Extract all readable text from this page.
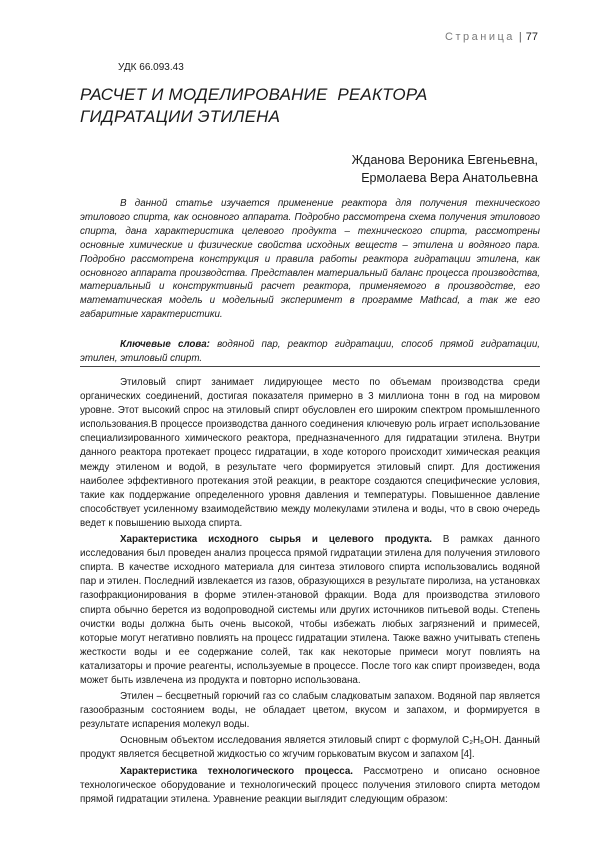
Страница | 77
УДК 66.093.43
РАСЧЕТ И МОДЕЛИРОВАНИЕ  РЕАКТОРА
ГИДРАТАЦИИ ЭТИЛЕНА
Жданова Вероника Евгеньевна,
Ермолаева Вера Анатольевна

В данной статье изучается применение реактора для получения технического этилового спирта, как основного аппарата. Подробно рассмотрена схема получения этилового спирта, дана характеристика целевого продукта – технического спирта, рассмотрены основные химические и физические свойства исходных веществ – этилена и водяного пара. Подробно рассмотрена конструкция и правила работы реактора гидратации этилена, как основного аппарата производства. Представлен материальный баланс процесса производства, материальный и конструктивный расчет реактора, применяемого в производстве, его математическая модель и модельный эксперимент в программе Mathcad, а так же его габаритные характеристики.

Ключевые слова: водяной пар, реактор гидратации, способ прямой гидратации, этилен, этиловый спирт.

Этиловый спирт занимает лидирующее место по объемам производства среди органических соединений, достигая показателя примерно в 3 миллиона тонн в год на мировом уровне. Этот высокий спрос на этиловый спирт обусловлен его широким спектром промышленного использования.В процессе производства данного соединения ключевую роль играет использование специализированного химического реактора, предназначенного для гидратации этилена. Внутри данного реактора протекает процесс гидратации, в ходе которого происходит химическая реакция между этиленом и водой, в результате чего формируется этиловый спирт. Для достижения наиболее эффективного протекания этой реакции, в реакторе создаются специфические условия, такие как поддержание определенного уровня давления и температуры. Повышенное давление способствует усиленному взаимодействию между молекулами этилена и воды, что в свою очередь ведет к повышению выхода спирта.

Характеристика исходного сырья и целевого продукта. В рамках данного исследования был проведен анализ процесса прямой гидратации этилена для получения этилового спирта. В качестве исходного материала для синтеза этилового спирта использовались водяной пар и этилен. Последний извлекается из газов, образующихся в результате пиролиза, на установках газофракционирования в форме этилен-этановой фракции. Вода для производства этилового спирта обычно берется из водопроводной системы или других источников питьевой воды. Степень очистки воды должна быть очень высокой, чтобы избежать любых загрязнений и примесей, которые могут негативно повлиять на процесс гидратации этилена. Также важно учитывать степень жесткости воды и ее содержание солей, так как некоторые примеси могут повлиять на катализаторы и прочие реагенты, используемые в процессе. После того как спирт произведен, вода может быть извлечена из продукта и повторно использована.

Этилен – бесцветный горючий газ со слабым сладковатым запахом. Водяной пар является газообразным состоянием воды, не обладает цветом, вкусом и запахом, и формируется в результате испарения молекул воды.

Основным объектом исследования является этиловый спирт с формулой C₂H₅OH. Данный продукт является бесцветной жидкостью со жгучим горьковатым вкусом и запахом [4].

Характеристика технологического процесса. Рассмотрено и описано основное технологическое оборудование и технологический процесс получения этилового спирта методом прямой гидратации этилена. Уравнение реакции выглядит следующим образом:
